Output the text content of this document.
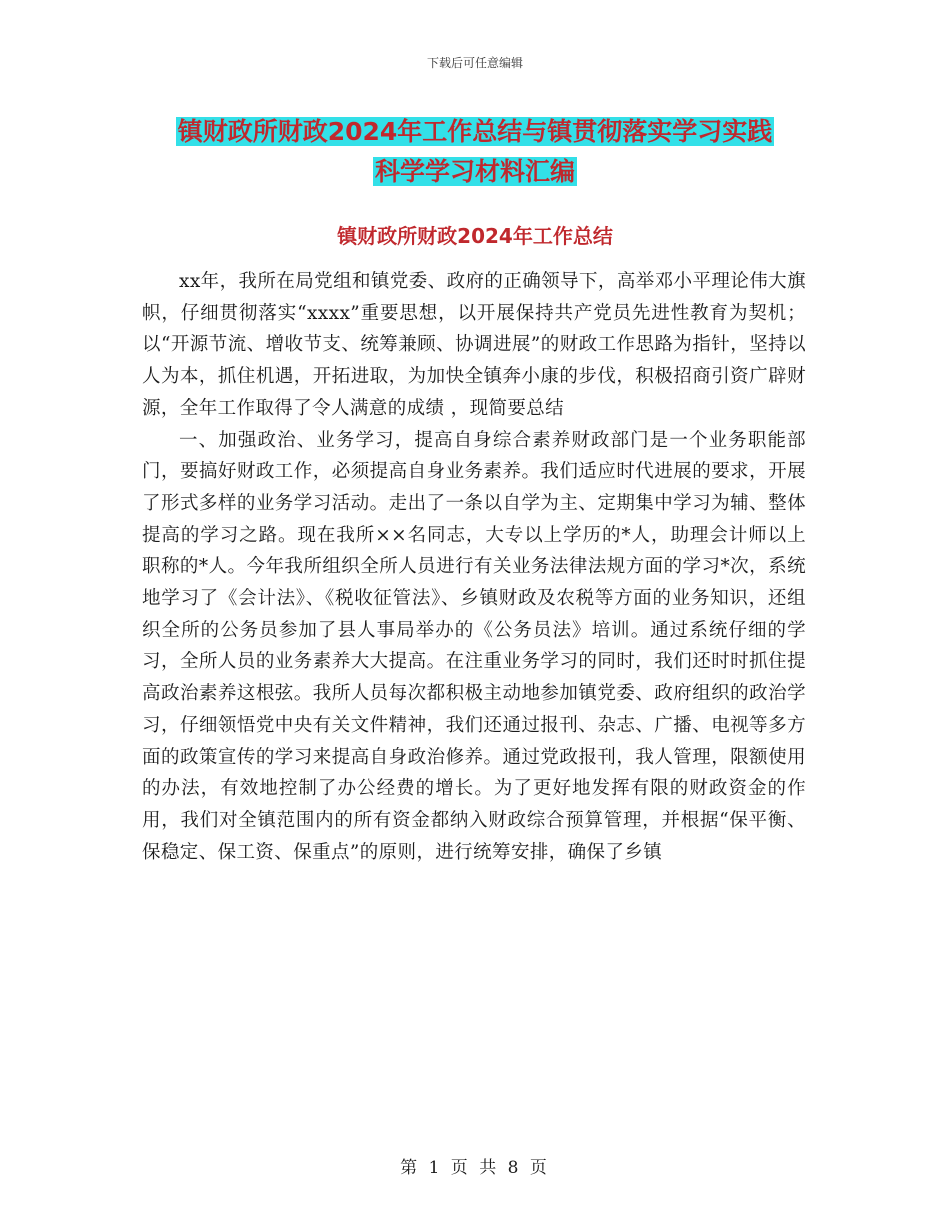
下载后可任意编辑
镇财政所财政2024年工作总结与镇贯彻落实学习实践
科学学习材料汇编
镇财政所财政2024年工作总结

xx年，我所在局党组和镇党委、政府的正确领导下，高举邓小平理论伟大旗帜，仔细贯彻落实“xxxx”重要思想，以开展保持共产党员先进性教育为契机；以“开源节流、增收节支、统筹兼顾、协调进展”的财政工作思路为指针，坚持以人为本，抓住机遇，开拓进取，为加快全镇奔小康的步伐，积极招商引资广辟财源，全年工作取得了令人满意的成绩 ，现简要总结

一、加强政治、业务学习，提高自身综合素养财政部门是一个业务职能部门，要搞好财政工作，必须提高自身业务素养。我们适应时代进展的要求，开展了形式多样的业务学习活动。走出了一条以自学为主、定期集中学习为辅、整体提高的学习之路。现在我所××名同志，大专以上学历的*人，助理会计师以上职称的*人。今年我所组织全所人员进行有关业务法律法规方面的学习*次，系统地学习了《会计法》、《税收征管法》、乡镇财政及农税等方面的业务知识，还组织全所的公务员参加了县人事局举办的《公务员法》培训。通过系统仔细的学习，全所人员的业务素养大大提高。在注重业务学习的同时，我们还时时抓住提高政治素养这根弦。我所人员每次都积极主动地参加镇党委、政府组织的政治学习，仔细领悟党中央有关文件精神，我们还通过报刊、杂志、广播、电视等多方面的政策宣传的学习来提高自身政治修养。通过党政报刊，我人管理，限额使用的办法，有效地控制了办公经费的增长。为了更好地发挥有限的财政资金的作用，我们对全镇范围内的所有资金都纳入财政综合预算管理，并根据“保平衡、保稳定、保工资、保重点”的原则，进行统筹安排，确保了乡镇

第 1 页 共 8 页
